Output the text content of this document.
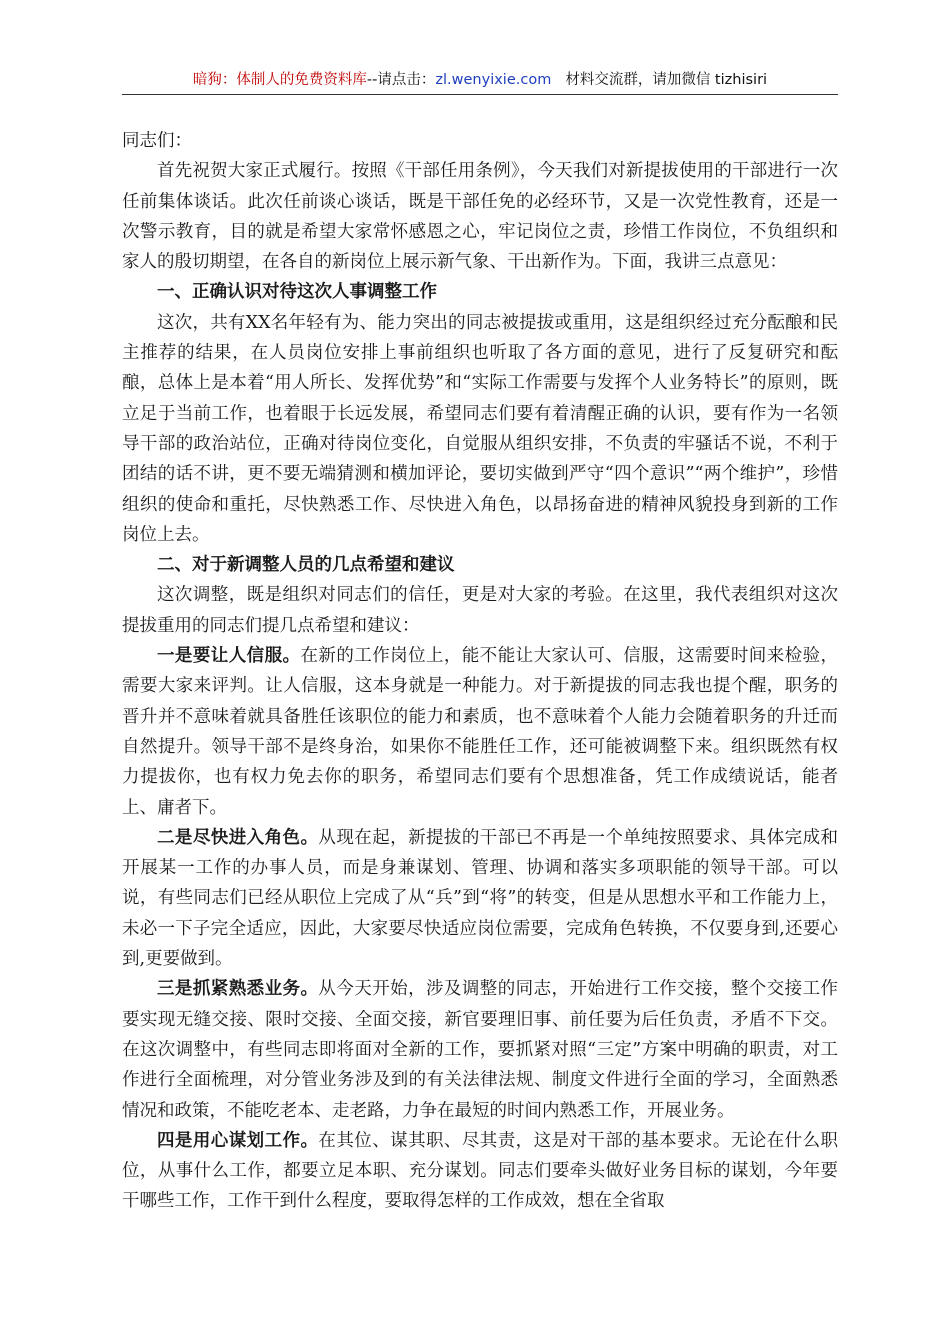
暗狗：体制人的免费资料库--请点击：zl.wenyixie.com 材料交流群，请加微信 tizhisiri

同志们：

首先祝贺大家正式履行。按照《干部任用条例》，今天我们对新提拔使用的干部进行一次任前集体谈话。此次任前谈心谈话，既是干部任免的必经环节，又是一次党性教育，还是一次警示教育，目的就是希望大家常怀感恩之心，牢记岗位之责，珍惜工作岗位，不负组织和家人的殷切期望，在各自的新岗位上展示新气象、干出新作为。下面，我讲三点意见：

一、正确认识对待这次人事调整工作

这次，共有XX名年轻有为、能力突出的同志被提拔或重用，这是组织经过充分酝酿和民主推荐的结果，在人员岗位安排上事前组织也听取了各方面的意见，进行了反复研究和酝酿，总体上是本着“用人所长、发挥优势”和“实际工作需要与发挥个人业务特长”的原则，既立足于当前工作，也着眼于长远发展，希望同志们要有着清醒正确的认识，要有作为一名领导干部的政治站位，正确对待岗位变化，自觉服从组织安排，不负责的牢骚话不说，不利于团结的话不讲，更不要无端猜测和横加评论，要切实做到严守“四个意识”“两个维护”，珍惜组织的使命和重托，尽快熟悉工作、尽快进入角色，以昂扬奋进的精神风貌投身到新的工作岗位上去。

二、对于新调整人员的几点希望和建议

这次调整，既是组织对同志们的信任，更是对大家的考验。在这里，我代表组织对这次提拔重用的同志们提几点希望和建议：

一是要让人信服。在新的工作岗位上，能不能让大家认可、信服，这需要时间来检验，需要大家来评判。让人信服，这本身就是一种能力。对于新提拔的同志我也提个醒，职务的晋升并不意味着就具备胜任该职位的能力和素质，也不意味着个人能力会随着职务的升迁而自然提升。领导干部不是终身治，如果你不能胜任工作，还可能被调整下来。组织既然有权力提拔你，也有权力免去你的职务，希望同志们要有个思想准备，凭工作成绩说话，能者上、庸者下。

二是尽快进入角色。从现在起，新提拔的干部已不再是一个单纯按照要求、具体完成和开展某一工作的办事人员，而是身兼谋划、管理、协调和落实多项职能的领导干部。可以说，有些同志们已经从职位上完成了从“兵”到“将”的转变，但是从思想水平和工作能力上，未必一下子完全适应，因此，大家要尽快适应岗位需要，完成角色转换，不仅要身到,还要心到,更要做到。

三是抓紧熟悉业务。从今天开始，涉及调整的同志，开始进行工作交接，整个交接工作要实现无缝交接、限时交接、全面交接，新官要理旧事、前任要为后任负责，矛盾不下交。在这次调整中，有些同志即将面对全新的工作，要抓紧对照“三定”方案中明确的职责，对工作进行全面梳理，对分管业务涉及到的有关法律法规、制度文件进行全面的学习，全面熟悉情况和政策，不能吃老本、走老路，力争在最短的时间内熟悉工作，开展业务。

四是用心谋划工作。在其位、谋其职、尽其责，这是对干部的基本要求。无论在什么职位，从事什么工作，都要立足本职、充分谋划。同志们要牵头做好业务目标的谋划，今年要干哪些工作，工作干到什么程度，要取得怎样的工作成效，想在全省取
